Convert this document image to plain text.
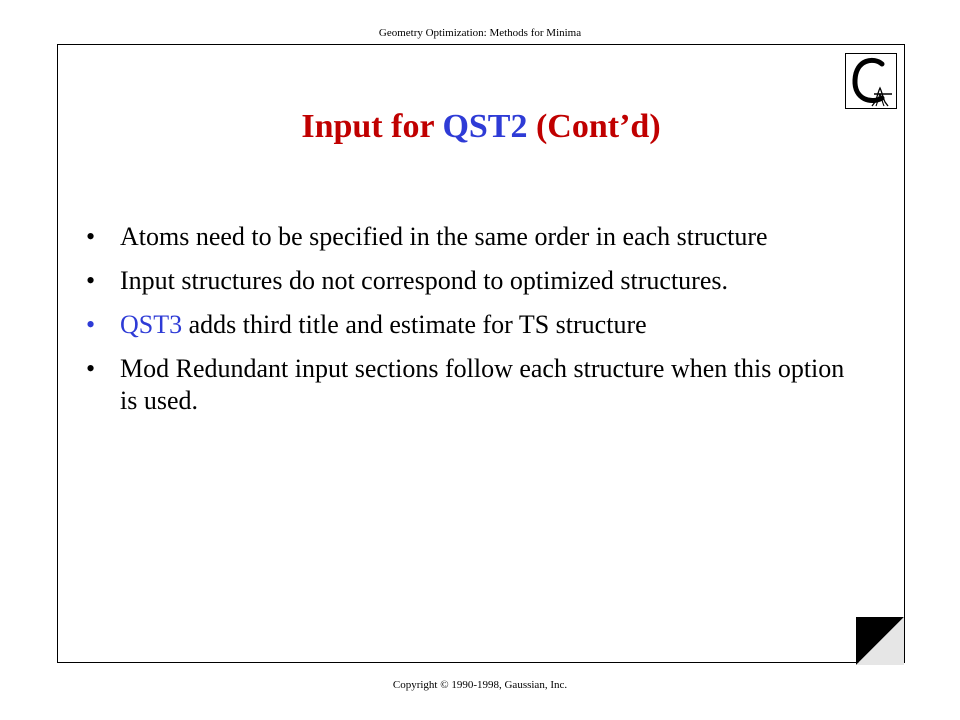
Geometry Optimization: Methods for Minima
Input for QST2 (Cont’d)
• Atoms need to be specified in the same order in each structure
• Input structures do not correspond to optimized structures.
• QST3 adds third title and estimate for TS structure
• Mod Redundant input sections follow each structure when this option is used.
Copyright © 1990-1998, Gaussian, Inc.
